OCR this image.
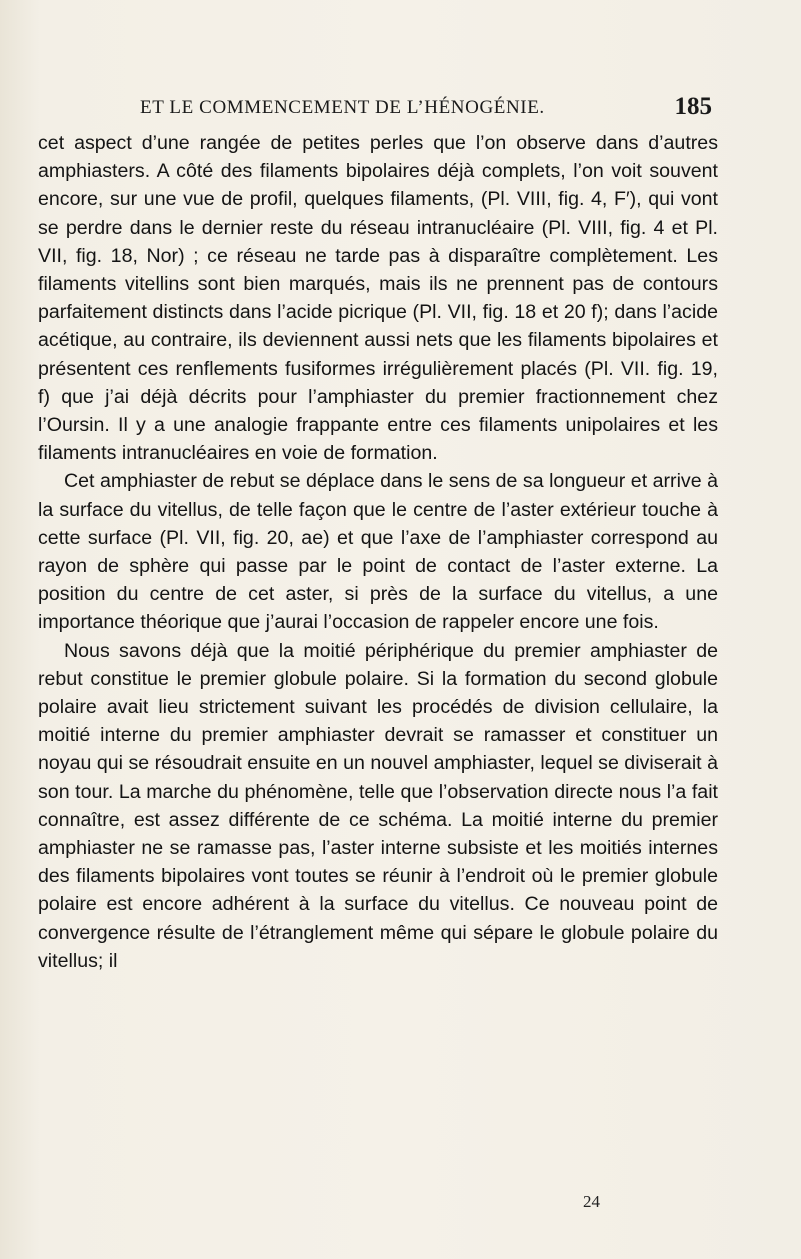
ET LE COMMENCEMENT DE L’HÉNOGÉNIE.	185

cet aspect d’une rangée de petites perles que l’on observe dans d’autres amphiasters. A côté des filaments bipolaires déjà complets, l’on voit souvent encore, sur une vue de profil, quelques filaments, (Pl. VIII, fig. 4, F′), qui vont se perdre dans le dernier reste du réseau intranucléaire (Pl. VIII, fig. 4 et Pl. VII, fig. 18, Nor) ; ce réseau ne tarde pas à disparaître complètement. Les filaments vitellins sont bien marqués, mais ils ne prennent pas de contours parfaitement distincts dans l’acide picrique (Pl. VII, fig. 18 et 20 f); dans l’acide acétique, au contraire, ils deviennent aussi nets que les filaments bipolaires et présentent ces renflements fusiformes irrégulièrement placés (Pl. VII. fig. 19, f) que j’ai déjà décrits pour l’amphiaster du premier fractionnement chez l’Oursin. Il y a une analogie frappante entre ces filaments unipolaires et les filaments intranucléaires en voie de formation.

Cet amphiaster de rebut se déplace dans le sens de sa longueur et arrive à la surface du vitellus, de telle façon que le centre de l’aster extérieur touche à cette surface (Pl. VII, fig. 20, ae) et que l’axe de l’amphiaster correspond au rayon de sphère qui passe par le point de contact de l’aster externe. La position du centre de cet aster, si près de la surface du vitellus, a une importance théorique que j’aurai l’occasion de rappeler encore une fois.

Nous savons déjà que la moitié périphérique du premier amphiaster de rebut constitue le premier globule polaire. Si la formation du second globule polaire avait lieu strictement suivant les procédés de division cellulaire, la moitié interne du premier amphiaster devrait se ramasser et constituer un noyau qui se résoudrait ensuite en un nouvel amphiaster, lequel se diviserait à son tour. La marche du phénomène, telle que l’observation directe nous l’a fait connaître, est assez différente de ce schéma. La moitié interne du premier amphiaster ne se ramasse pas, l’aster interne subsiste et les moitiés internes des filaments bipolaires vont toutes se réunir à l’endroit où le premier globule polaire est encore adhérent à la surface du vitellus. Ce nouveau point de convergence résulte de l’étranglement même qui sépare le globule polaire du vitellus; il

24
